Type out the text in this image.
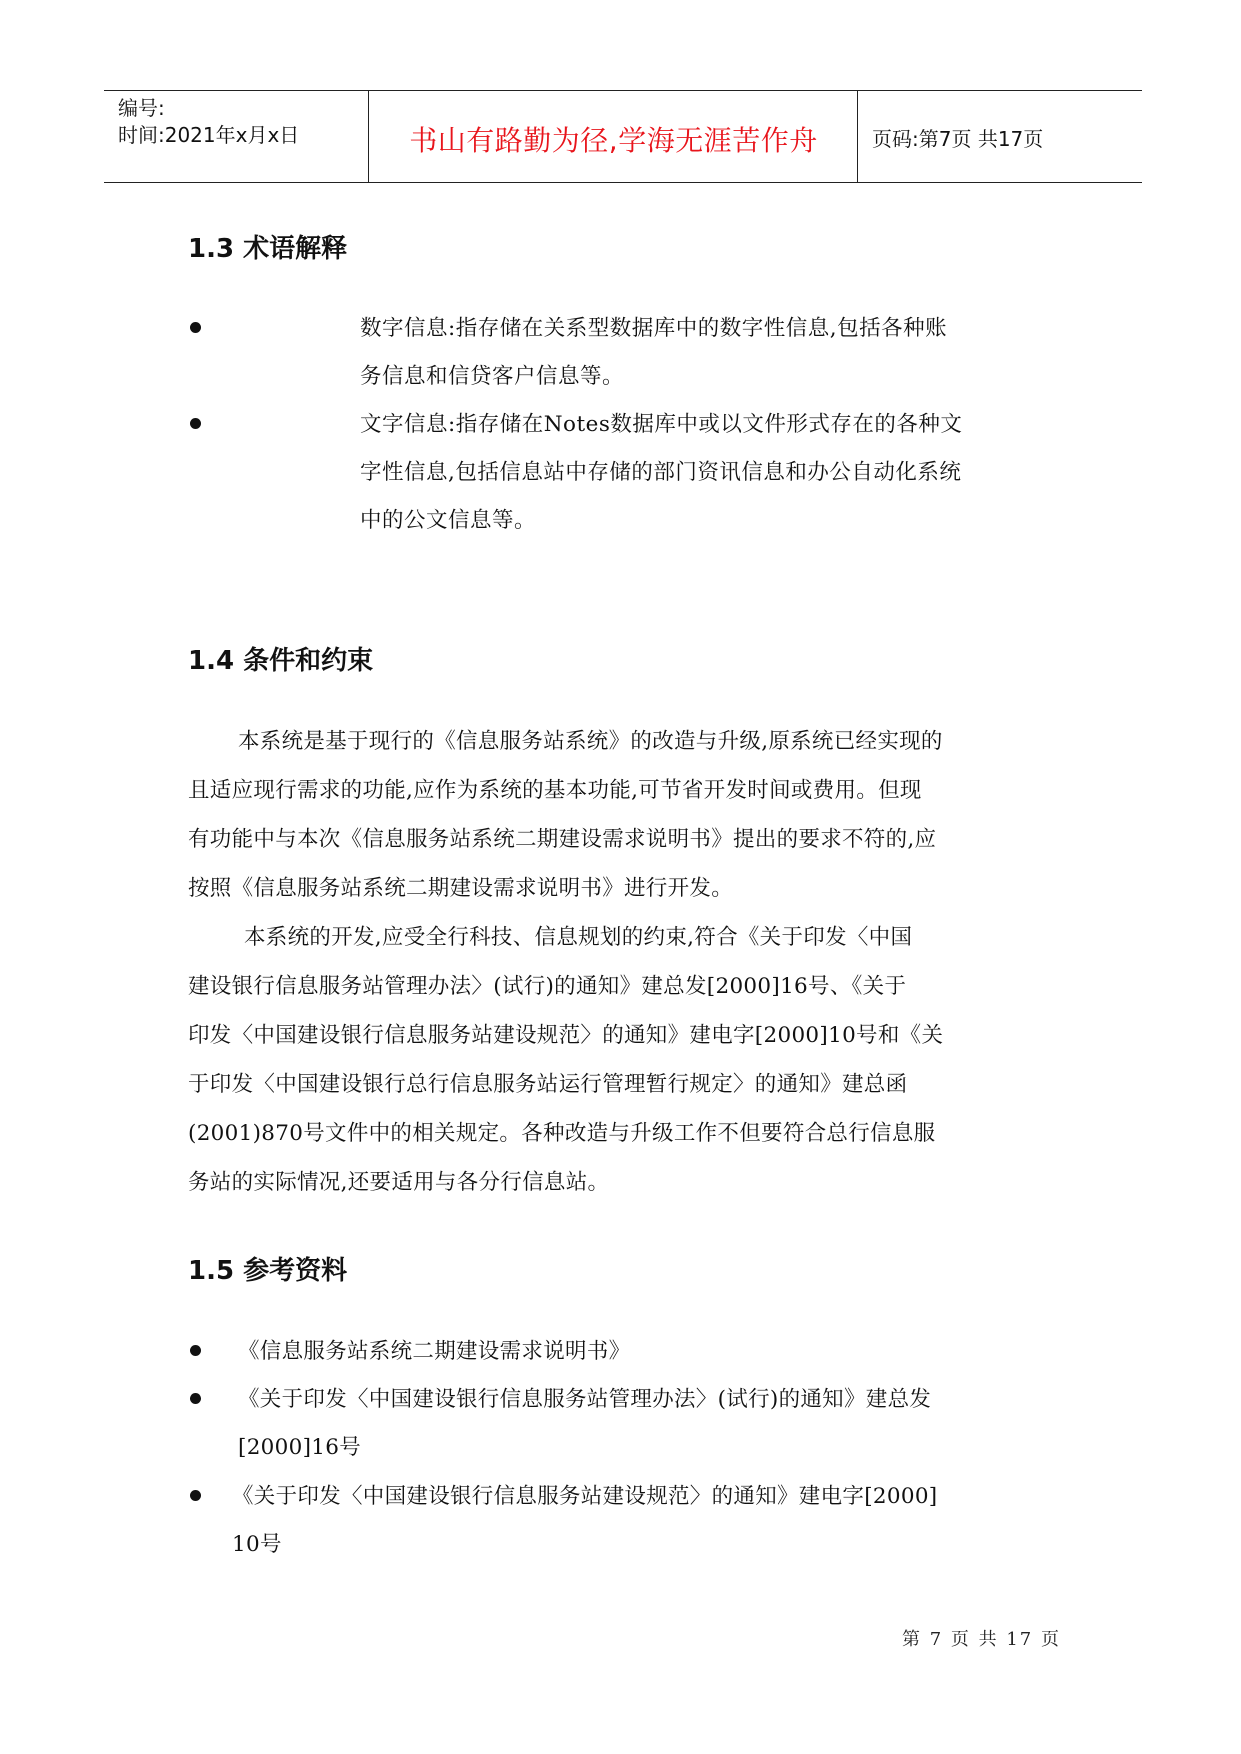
编号:
时间:2021年x月x日	书山有路勤为径,学海无涯苦作舟	页码:第7页 共17页
1.3 术语解释
数字信息:指存储在关系型数据库中的数字性信息,包括各种账
务信息和信贷客户信息等。
文字信息:指存储在Notes数据库中或以文件形式存在的各种文
字性信息,包括信息站中存储的部门资讯信息和办公自动化系统
中的公文信息等。
1.4 条件和约束
本系统是基于现行的《信息服务站系统》的改造与升级,原系统已经实现的
且适应现行需求的功能,应作为系统的基本功能,可节省开发时间或费用。但现
有功能中与本次《信息服务站系统二期建设需求说明书》提出的要求不符的,应
按照《信息服务站系统二期建设需求说明书》进行开发。
本系统的开发,应受全行科技、信息规划的约束,符合《关于印发〈中国
建设银行信息服务站管理办法〉(试行)的通知》建总发[2000]16号、《关于
印发〈中国建设银行信息服务站建设规范〉的通知》建电字[2000]10号和《关
于印发〈中国建设银行总行信息服务站运行管理暂行规定〉的通知》建总函
(2001)870号文件中的相关规定。各种改造与升级工作不但要符合总行信息服
务站的实际情况,还要适用与各分行信息站。
1.5 参考资料
《信息服务站系统二期建设需求说明书》
《关于印发〈中国建设银行信息服务站管理办法〉(试行)的通知》建总发
[2000]16号
《关于印发〈中国建设银行信息服务站建设规范〉的通知》建电字[2000]
10号
第 7 页 共 17 页
